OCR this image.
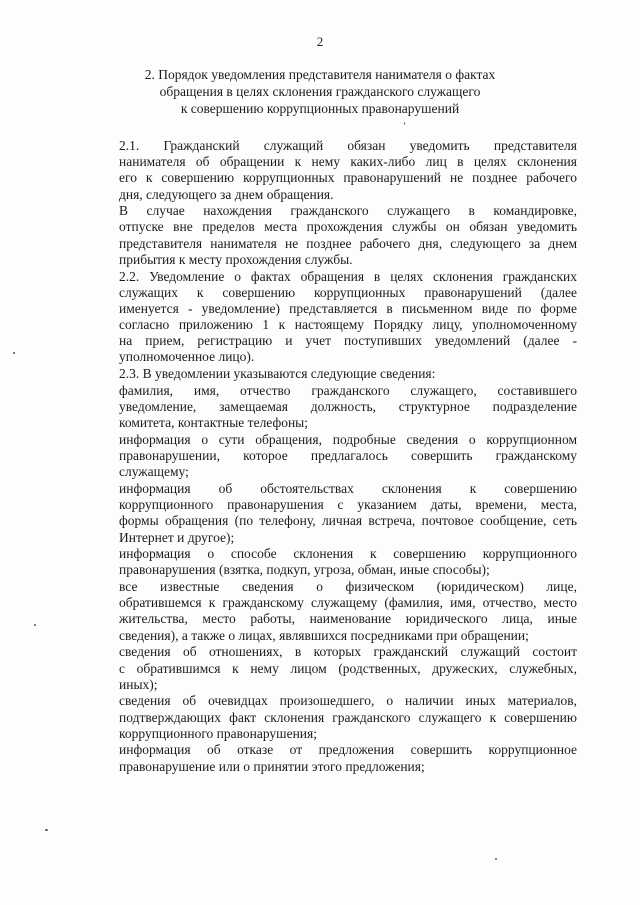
2
2. Порядок уведомления представителя нанимателя о фактах
обращения в целях склонения гражданского служащего
к совершению коррупционных правонарушений
2.1. Гражданский служащий обязан уведомить представителя
нанимателя об обращении к нему каких-либо лиц в целях склонения
его к совершению коррупционных правонарушений не позднее рабочего
дня, следующего за днем обращения.
В случае нахождения гражданского служащего в командировке,
отпуске вне пределов места прохождения службы он обязан уведомить
представителя нанимателя не позднее рабочего дня, следующего за днем
прибытия к месту прохождения службы.
2.2. Уведомление о фактах обращения в целях склонения гражданских
служащих к совершению коррупционных правонарушений (далее
именуется - уведомление) представляется в письменном виде по форме
согласно приложению 1 к настоящему Порядку лицу, уполномоченному
на прием, регистрацию и учет поступивших уведомлений (далее -
уполномоченное лицо).
2.3. В уведомлении указываются следующие сведения:
фамилия, имя, отчество гражданского служащего, составившего
уведомление, замещаемая должность, структурное подразделение
комитета, контактные телефоны;
информация о сути обращения, подробные сведения о коррупционном
правонарушении, которое предлагалось совершить гражданскому
служащему;
информация об обстоятельствах склонения к совершению
коррупционного правонарушения с указанием даты, времени, места,
формы обращения (по телефону, личная встреча, почтовое сообщение, сеть
Интернет и другое);
информация о способе склонения к совершению коррупционного
правонарушения (взятка, подкуп, угроза, обман, иные способы);
все известные сведения о физическом (юридическом) лице,
обратившемся к гражданскому служащему (фамилия, имя, отчество, место
жительства, место работы, наименование юридического лица, иные
сведения), а также о лицах, являвшихся посредниками при обращении;
сведения об отношениях, в которых гражданский служащий состоит
с обратившимся к нему лицом (родственных, дружеских, служебных,
иных);
сведения об очевидцах произошедшего, о наличии иных материалов,
подтверждающих факт склонения гражданского служащего к совершению
коррупционного правонарушения;
информация об отказе от предложения совершить коррупционное
правонарушение или о принятии этого предложения;
